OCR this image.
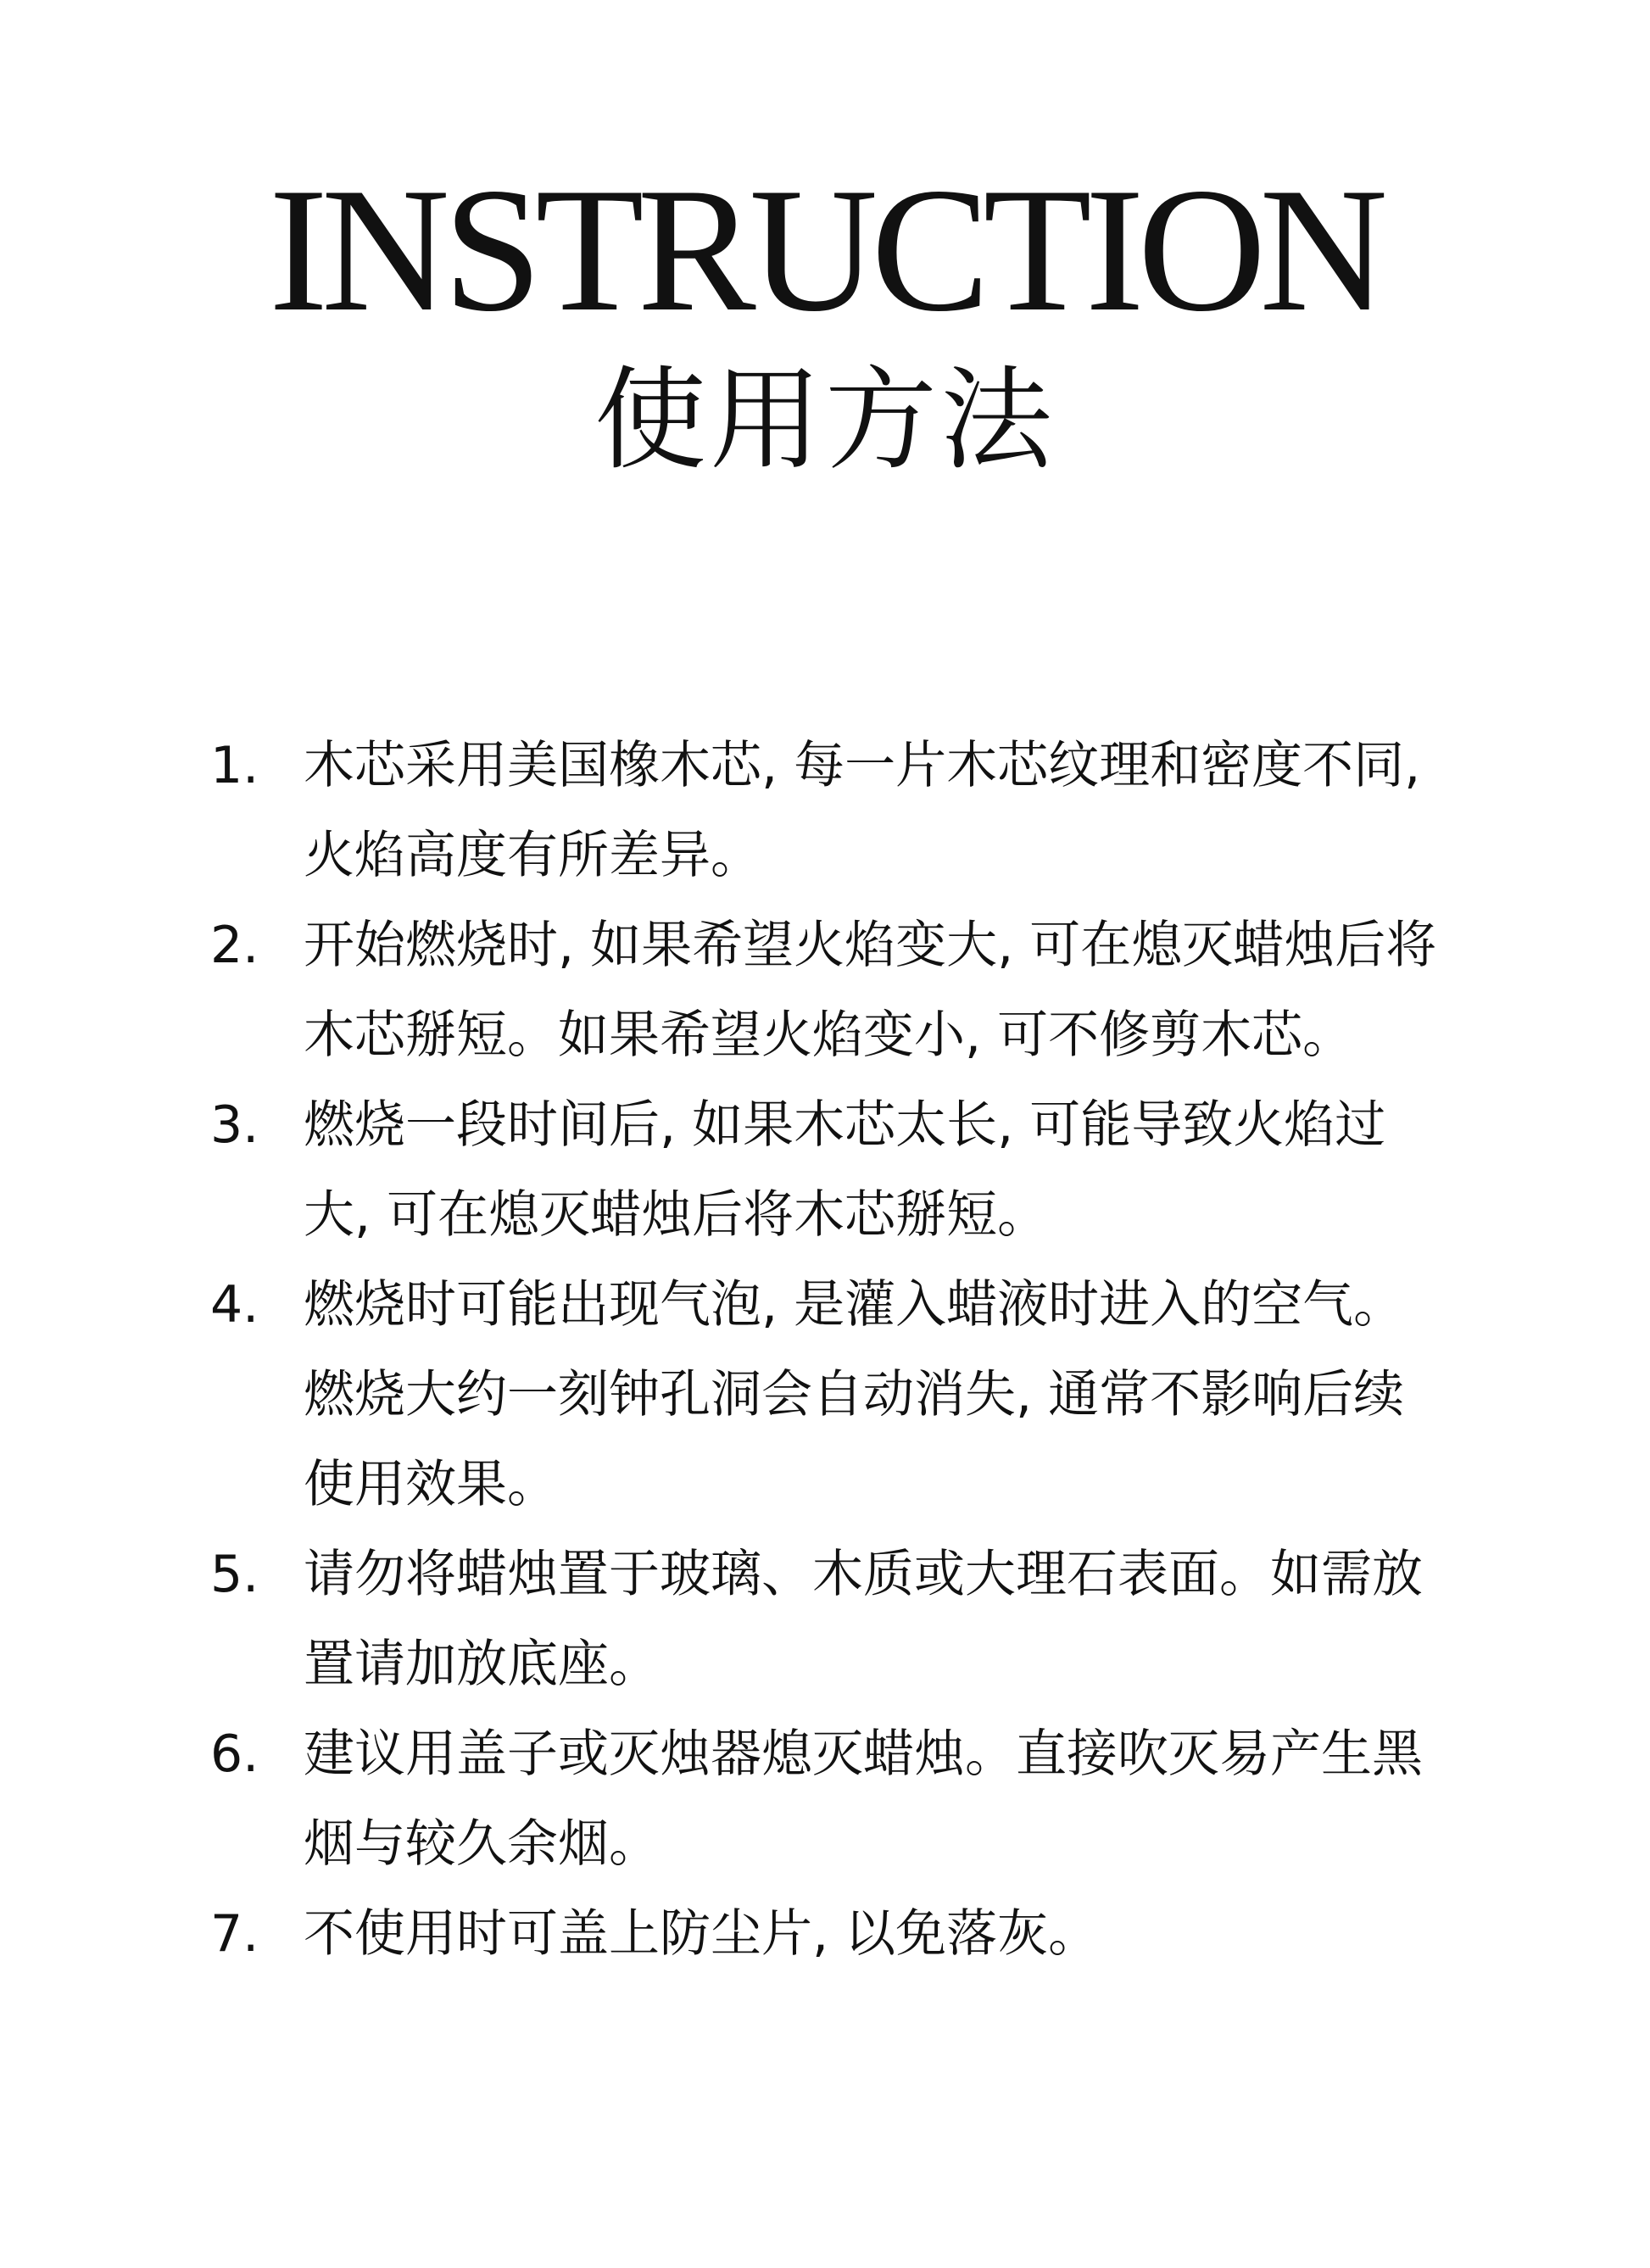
INSTRUCTION
使用方法
1. 木芯采用美国橡木芯, 每一片木芯纹理和密度不同, 火焰高度有所差异。
2. 开始燃烧时, 如果希望火焰变大, 可在熄灭蜡烛后将木芯掰短。如果希望火焰变小, 可不修剪木芯。
3. 燃烧一段时间后, 如果木芯太长, 可能导致火焰过大, 可在熄灭蜡烛后将木芯掰短。
4. 燃烧时可能出现气泡, 是灌入蜡液时进入的空气。燃烧大约一刻钟孔洞会自动消失, 通常不影响后续使用效果。
5. 请勿将蜡烛置于玻璃、木质或大理石表面。如需放置请加放底座。
6. 建议用盖子或灭烛器熄灭蜡烛。直接吹灭易产生黑烟与较久余烟。
7. 不使用时可盖上防尘片, 以免落灰。
